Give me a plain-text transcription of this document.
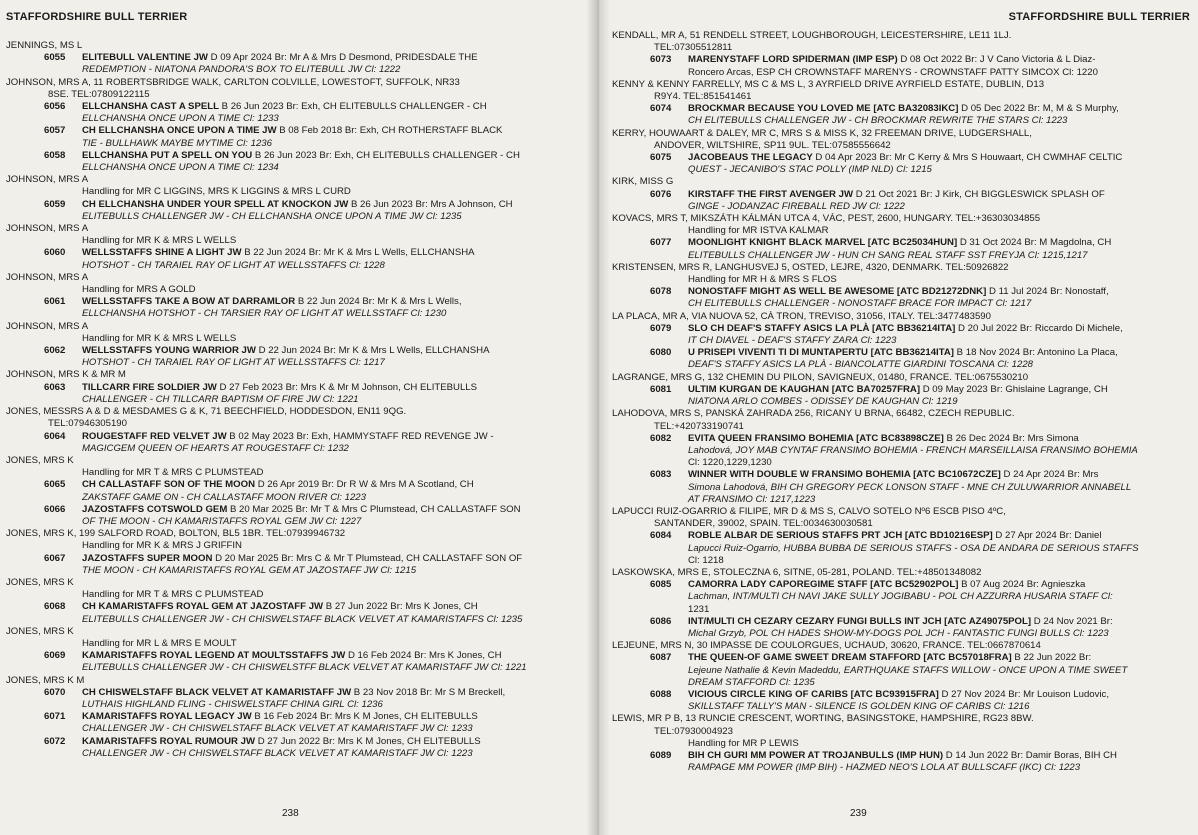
STAFFORDSHIRE BULL TERRIER
JENNINGS, MS L
6055	ELITEBULL VALENTINE JW D 09 Apr 2024 Br: Mr A & Mrs D Desmond, PRIDESDALE THE
REDEMPTION - NIATONA PANDORA'S BOX TO ELITEBULL JW Cl: 1222
JOHNSON, MRS A, 11 ROBERTSBRIDGE WALK, CARLTON COLVILLE, LOWESTOFT, SUFFOLK, NR33
8SE. TEL:07809122115
6056	ELLCHANSHA CAST A SPELL B 26 Jun 2023 Br: Exh, CH ELITEBULLS CHALLENGER - CH
ELLCHANSHA ONCE UPON A TIME Cl: 1233
6057	CH ELLCHANSHA ONCE UPON A TIME JW B 08 Feb 2018 Br: Exh, CH ROTHERSTAFF BLACK
TIE - BULLHAWK MAYBE MYTIME Cl: 1236
6058	ELLCHANSHA PUT A SPELL ON YOU B 26 Jun 2023 Br: Exh, CH ELITEBULLS CHALLENGER - CH
ELLCHANSHA ONCE UPON A TIME Cl: 1234
JOHNSON, MRS A
Handling for MR C LIGGINS, MRS K LIGGINS & MRS L CURD
6059	CH ELLCHANSHA UNDER YOUR SPELL AT KNOCKON JW B 26 Jun 2023 Br: Mrs A Johnson, CH
ELITEBULLS CHALLENGER JW - CH ELLCHANSHA ONCE UPON A TIME JW Cl: 1235
JOHNSON, MRS A
Handling for MR K & MRS L WELLS
6060	WELLSSTAFFS SHINE A LIGHT JW B 22 Jun 2024 Br: Mr K & Mrs L Wells, ELLCHANSHA
HOTSHOT - CH TARAIEL RAY OF LIGHT AT WELLSSTAFFS Cl: 1228
JOHNSON, MRS A
Handling for MRS A GOLD
6061	WELLSSTAFFS TAKE A BOW AT DARRAMLOR B 22 Jun 2024 Br: Mr K & Mrs L Wells,
ELLCHANSHA HOTSHOT - CH TARSIER RAY OF LIGHT AT WELLSSTAFF Cl: 1230
JOHNSON, MRS A
Handling for MR K & MRS L WELLS
6062	WELLSSTAFFS YOUNG WARRIOR JW D 22 Jun 2024 Br: Mr K & Mrs L Wells, ELLCHANSHA
HOTSHOT - CH TARAIEL RAY OF LIGHT AT WELLSSTAFFS Cl: 1217
JOHNSON, MRS K & MR M
6063	TILLCARR FIRE SOLDIER JW D 27 Feb 2023 Br: Mrs K & Mr M Johnson, CH ELITEBULLS
CHALLENGER - CH TILLCARR BAPTISM OF FIRE JW Cl: 1221
JONES, MESSRS A & D & MESDAMES G & K, 71 BEECHFIELD, HODDESDON, EN11 9QG.
TEL:07946305190
6064	ROUGESTAFF RED VELVET JW B 02 May 2023 Br: Exh, HAMMYSTAFF RED REVENGE JW -
MAGICGEM QUEEN OF HEARTS AT ROUGESTAFF Cl: 1232
JONES, MRS K
Handling for MR T & MRS C PLUMSTEAD
6065	CH CALLASTAFF SON OF THE MOON D 26 Apr 2019 Br: Dr R W & Mrs M A Scotland, CH
ZAKSTAFF GAME ON - CH CALLASTAFF MOON RIVER Cl: 1223
6066	JAZOSTAFFS COTSWOLD GEM B 20 Mar 2025 Br: Mr T & Mrs C Plumstead, CH CALLASTAFF SON
OF THE MOON - CH KAMARISTAFFS ROYAL GEM JW Cl: 1227
JONES, MRS K, 199 SALFORD ROAD, BOLTON, BL5 1BR. TEL:07939946732
Handling for MR K & MRS J GRIFFIN
6067	JAZOSTAFFS SUPER MOON D 20 Mar 2025 Br: Mrs C & Mr T Plumstead, CH CALLASTAFF SON OF
THE MOON - CH KAMARISTAFFS ROYAL GEM AT JAZOSTAFF JW Cl: 1215
JONES, MRS K
Handling for MR T & MRS C PLUMSTEAD
6068	CH KAMARISTAFFS ROYAL GEM AT JAZOSTAFF JW B 27 Jun 2022 Br: Mrs K Jones, CH
ELITEBULLS CHALLENGER JW - CH CHISWELSTAFF BLACK VELVET AT KAMARISTAFFS Cl: 1235
JONES, MRS K
Handling for MR L & MRS E MOULT
6069	KAMARISTAFFS ROYAL LEGEND AT MOULTSSTAFFS JW D 16 Feb 2024 Br: Mrs K Jones, CH
ELITEBULLS CHALLENGER JW - CH CHISWELSTFF BLACK VELVET AT KAMARISTAFF JW Cl: 1221
JONES, MRS K M
6070	CH CHISWELSTAFF BLACK VELVET AT KAMARISTAFF JW B 23 Nov 2018 Br: Mr S M Breckell,
LUTHAIS HIGHLAND FLING - CHISWELSTAFF CHINA GIRL Cl: 1236
6071	KAMARISTAFFS ROYAL LEGACY JW B 16 Feb 2024 Br: Mrs K M Jones, CH ELITEBULLS
CHALLENGER JW - CH CHISWELSTAFF BLACK VELVET AT KAMARISTAFF JW Cl: 1233
6072	KAMARISTAFFS ROYAL RUMOUR JW D 27 Jun 2022 Br: Mrs K M Jones, CH ELITEBULLS
CHALLENGER JW - CH CHISWELSTAFF BLACK VELVET AT KAMARISTAFF JW Cl: 1223
238
STAFFORDSHIRE BULL TERRIER
KENDALL, MR A, 51 RENDELL STREET, LOUGHBOROUGH, LEICESTERSHIRE, LE11 1LJ.
TEL:07305512811
6073	MARENYSTAFF LORD SPIDERMAN (IMP ESP) D 08 Oct 2022 Br: J V Cano Victoria & L Diaz-
Roncero Arcas, ESP CH CROWNSTAFF MARENYS - CROWNSTAFF PATTY SIMCOX Cl: 1220
KENNY & KENNY FARRELLY, MS C & MS L, 3 AYRFIELD DRIVE AYRFIELD ESTATE, DUBLIN, D13
R9Y4. TEL:851541461
6074	BROCKMAR BECAUSE YOU LOVED ME [ATC BA32083IKC] D 05 Dec 2022 Br: M, M & S Murphy,
CH ELITEBULLS CHALLENGER JW - CH BROCKMAR REWRITE THE STARS Cl: 1223
KERRY, HOUWAART & DALEY, MR C, MRS S & MISS K, 32 FREEMAN DRIVE, LUDGERSHALL,
ANDOVER, WILTSHIRE, SP11 9UL. TEL:07585556642
6075	JACOBEAUS THE LEGACY D 04 Apr 2023 Br: Mr C Kerry & Mrs S Houwaart, CH CWMHAF CELTIC
QUEST - JECANIBO'S STAC POLLY (IMP NLD) Cl: 1215
KIRK, MISS G
6076	KIRSTAFF THE FIRST AVENGER JW D 21 Oct 2021 Br: J Kirk, CH BIGGLESWICK SPLASH OF
GINGE - JODANZAC FIREBALL RED JW Cl: 1222
KOVACS, MRS T, MIKSZÁTH KÁLMÁN UTCA 4, VÁC, PEST, 2600, HUNGARY. TEL:+36303034855
Handling for MR ISTVA KALMAR
6077	MOONLIGHT KNIGHT BLACK MARVEL [ATC BC25034HUN] D 31 Oct 2024 Br: M Magdolna, CH
ELITEBULLS CHALLENGER JW - HUN CH SANG REAL STAFF SST FREYJA Cl: 1215,1217
KRISTENSEN, MRS R, LANGHUSVEJ 5, OSTED, LEJRE, 4320, DENMARK. TEL:50926822
Handling for MR H & MRS S FLOS
6078	NONOSTAFF MIGHT AS WELL BE AWESOME [ATC BD21272DNK] D 11 Jul 2024 Br: Nonostaff,
CH ELITEBULLS CHALLENGER - NONOSTAFF BRACE FOR IMPACT Cl: 1217
LA PLACA, MR A, VIA NUOVA 52, CÀ TRON, TREVISO, 31056, ITALY. TEL:3477483590
6079	SLO CH DEAF'S STAFFY ASICS LA PLÀ [ATC BB36214ITA] D 20 Jul 2022 Br: Riccardo Di Michele,
IT CH DIAVEL - DEAF'S STAFFY ZARA Cl: 1223
6080	U PRISEPI VIVENTI TI DI MUNTAPERTU [ATC BB36214ITA] B 18 Nov 2024 Br: Antonino La Placa,
DEAF'S STAFFY ASICS LA PLÀ - BIANCOLATTE GIARDINI TOSCANA Cl: 1228
LAGRANGE, MRS G, 132 CHEMIN DU PILON, SAVIGNEUX, 01480, FRANCE. TEL:0675530210
6081	ULTIM KURGAN DE KAUGHAN [ATC BA70257FRA] D 09 May 2023 Br: Ghislaine Lagrange, CH
NIATONA ARLO COMBES - ODISSEY DE KAUGHAN Cl: 1219
LAHODOVA, MRS S, PANSKÁ ZAHRADA 256, RICANY U BRNA, 66482, CZECH REPUBLIC.
TEL:+420733190741
6082	EVITA QUEEN FRANSIMO BOHEMIA [ATC BC83898CZE] B 26 Dec 2024 Br: Mrs Simona
Lahodová, JOY MAB CYNTAF FRANSIMO BOHEMIA - FRENCH MARSEILLAISA FRANSIMO BOHEMIA
Cl: 1220,1229,1230
6083	WINNER WITH DOUBLE W FRANSIMO BOHEMIA [ATC BC10672CZE] D 24 Apr 2024 Br: Mrs
Simona Lahodová, BIH CH GREGORY PECK LONSON STAFF - MNE CH ZULUWARRIOR ANNABELL
AT FRANSIMO Cl: 1217,1223
LAPUCCI RUIZ-OGARRIO & FILIPE, MR D & MS S, CALVO SOTELO Nº6 ESCB PISO 4ºC,
SANTANDER, 39002, SPAIN. TEL:0034630030581
6084	ROBLE ALBAR DE SERIOUS STAFFS PRT JCH [ATC BD10216ESP] D 27 Apr 2024 Br: Daniel
Lapucci Ruiz-Ogarrio, HUBBA BUBBA DE SERIOUS STAFFS - OSA DE ANDARA DE SERIOUS STAFFS
Cl: 1218
LASKOWSKA, MRS E, STOLECZNA 6, SITNE, 05-281, POLAND. TEL:+48501348082
6085	CAMORRA LADY CAPOREGIME STAFF [ATC BC52902POL] B 07 Aug 2024 Br: Agnieszka
Lachman, INT/MULTI CH NAVI JAKE SULLY JOGIBABU - POL CH AZZURRA HUSARIA STAFF Cl:
1231
6086	INT/MULTI CH CEZARY CEZARY FUNGI BULLS INT JCH [ATC AZ49075POL] D 24 Nov 2021 Br:
Michal Grzyb, POL CH HADES SHOW-MY-DOGS POL JCH - FANTASTIC FUNGI BULLS Cl: 1223
LEJEUNE, MRS N, 30 IMPASSE DE COULORGUES, UCHAUD, 30620, FRANCE. TEL:0667870614
6087	THE QUEEN-OF GAME SWEET DREAM STAFFORD [ATC BC57018FRA] B 22 Jun 2022 Br:
Lejeune Nathalie & Kevin Madeddu, EARTHQUAKE STAFFS WILLOW - ONCE UPON A TIME SWEET
DREAM STAFFORD Cl: 1235
6088	VICIOUS CIRCLE KING OF CARIBS [ATC BC93915FRA] D 27 Nov 2024 Br: Mr Louison Ludovic,
SKILLSTAFF TALLY'S MAN - SILENCE IS GOLDEN KING OF CARIBS Cl: 1216
LEWIS, MR P B, 13 RUNCIE CRESCENT, WORTING, BASINGSTOKE, HAMPSHIRE, RG23 8BW.
TEL:07930004923
Handling for MR P LEWIS
6089	BIH CH GURI MM POWER AT TROJANBULLS (IMP HUN) D 14 Jun 2022 Br: Damir Boras, BIH CH
RAMPAGE MM POWER (IMP BIH) - HAZMED NEO'S LOLA AT BULLSCAFF (IKC) Cl: 1223
239
